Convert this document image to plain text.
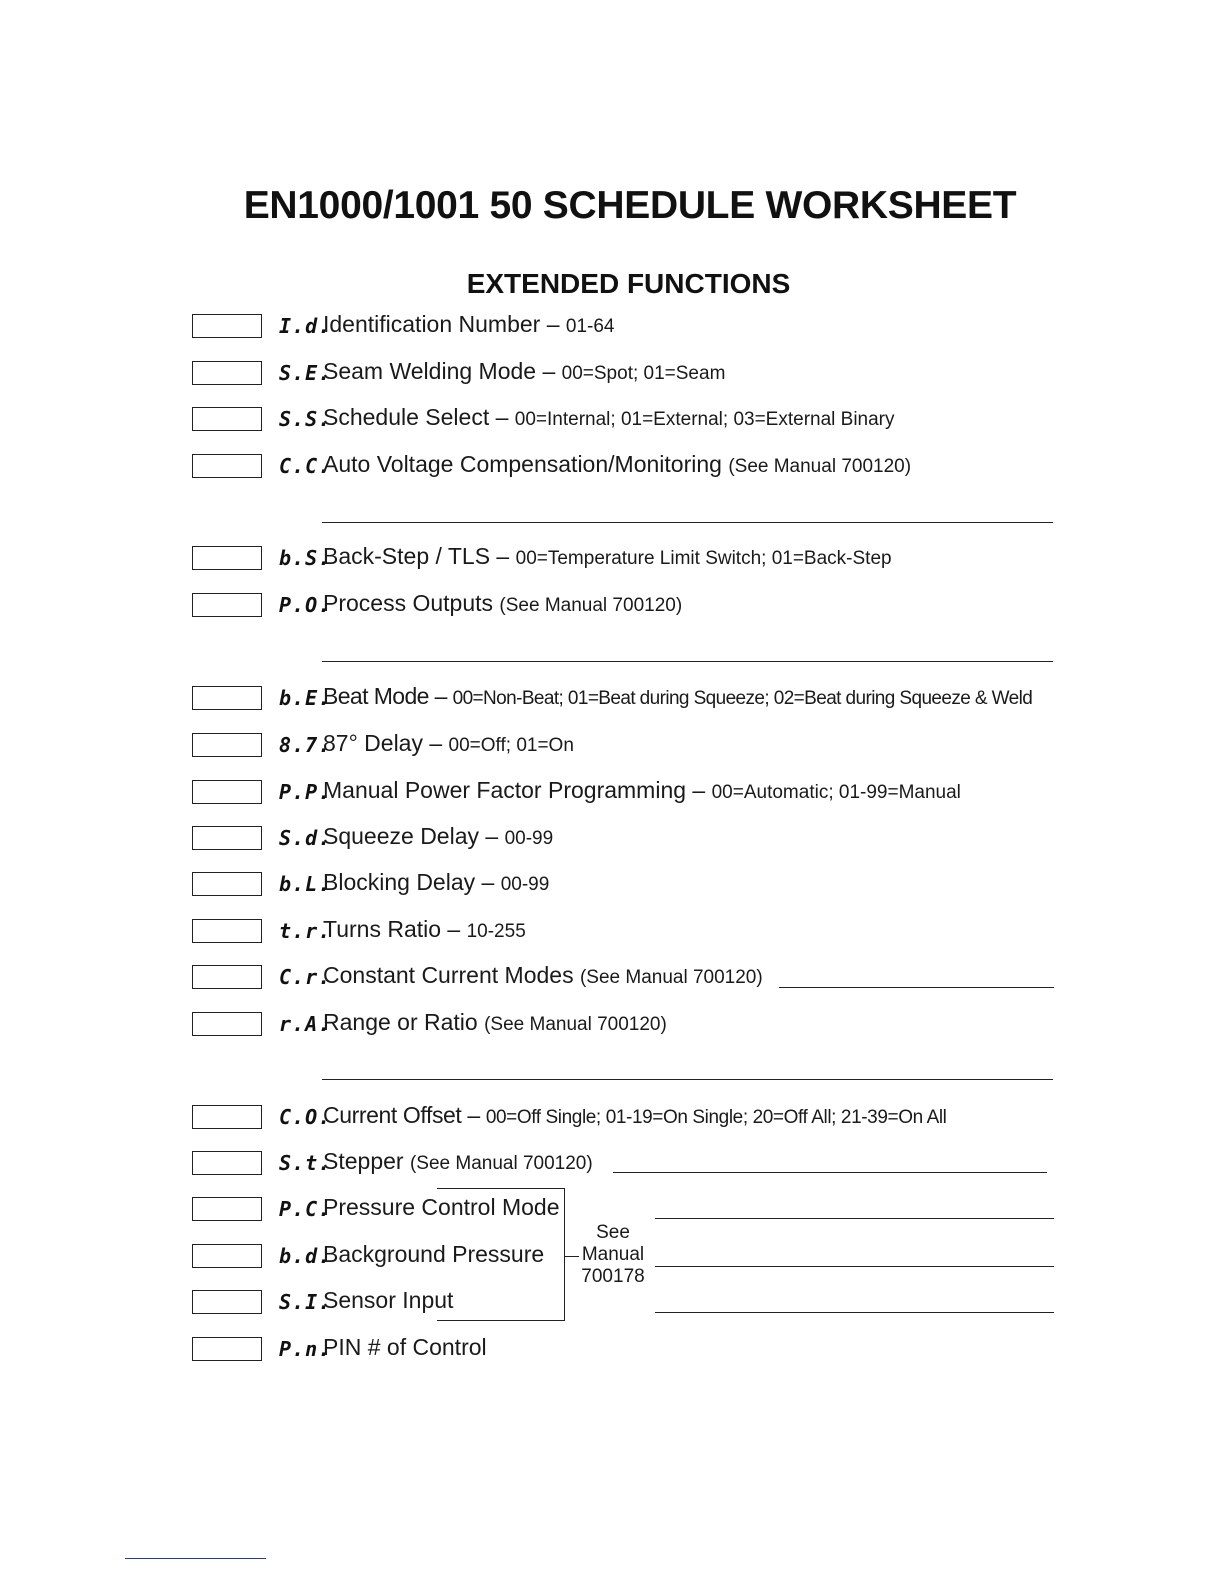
EN1000/1001 50 SCHEDULE WORKSHEET
EXTENDED FUNCTIONS
I.d.
Identification Number – 01-64
S.E.
Seam Welding Mode – 00=Spot; 01=Seam
S.S.
Schedule Select – 00=Internal; 01=External; 03=External Binary
C.C.
Auto Voltage Compensation/Monitoring (See Manual 700120)
b.S.
Back-Step / TLS – 00=Temperature Limit Switch; 01=Back-Step
P.O.
Process Outputs (See Manual 700120)
b.E.
Beat Mode – 00=Non-Beat; 01=Beat during Squeeze; 02=Beat during Squeeze & Weld
8.7.
87° Delay – 00=Off; 01=On
P.P.
Manual Power Factor Programming – 00=Automatic; 01-99=Manual
S.d.
Squeeze Delay – 00-99
b.L.
Blocking Delay – 00-99
t.r.
Turns Ratio – 10-255
C.r.
Constant Current Modes (See Manual 700120)
r.A.
Range or Ratio (See Manual 700120)
C.O.
Current Offset – 00=Off Single; 01-19=On Single; 20=Off All; 21-39=On All
S.t.
Stepper (See Manual 700120)
P.C.
Pressure Control Mode
b.d.
Background Pressure
S.I.
Sensor Input
P.n.
PIN # of Control
See
Manual
700178
